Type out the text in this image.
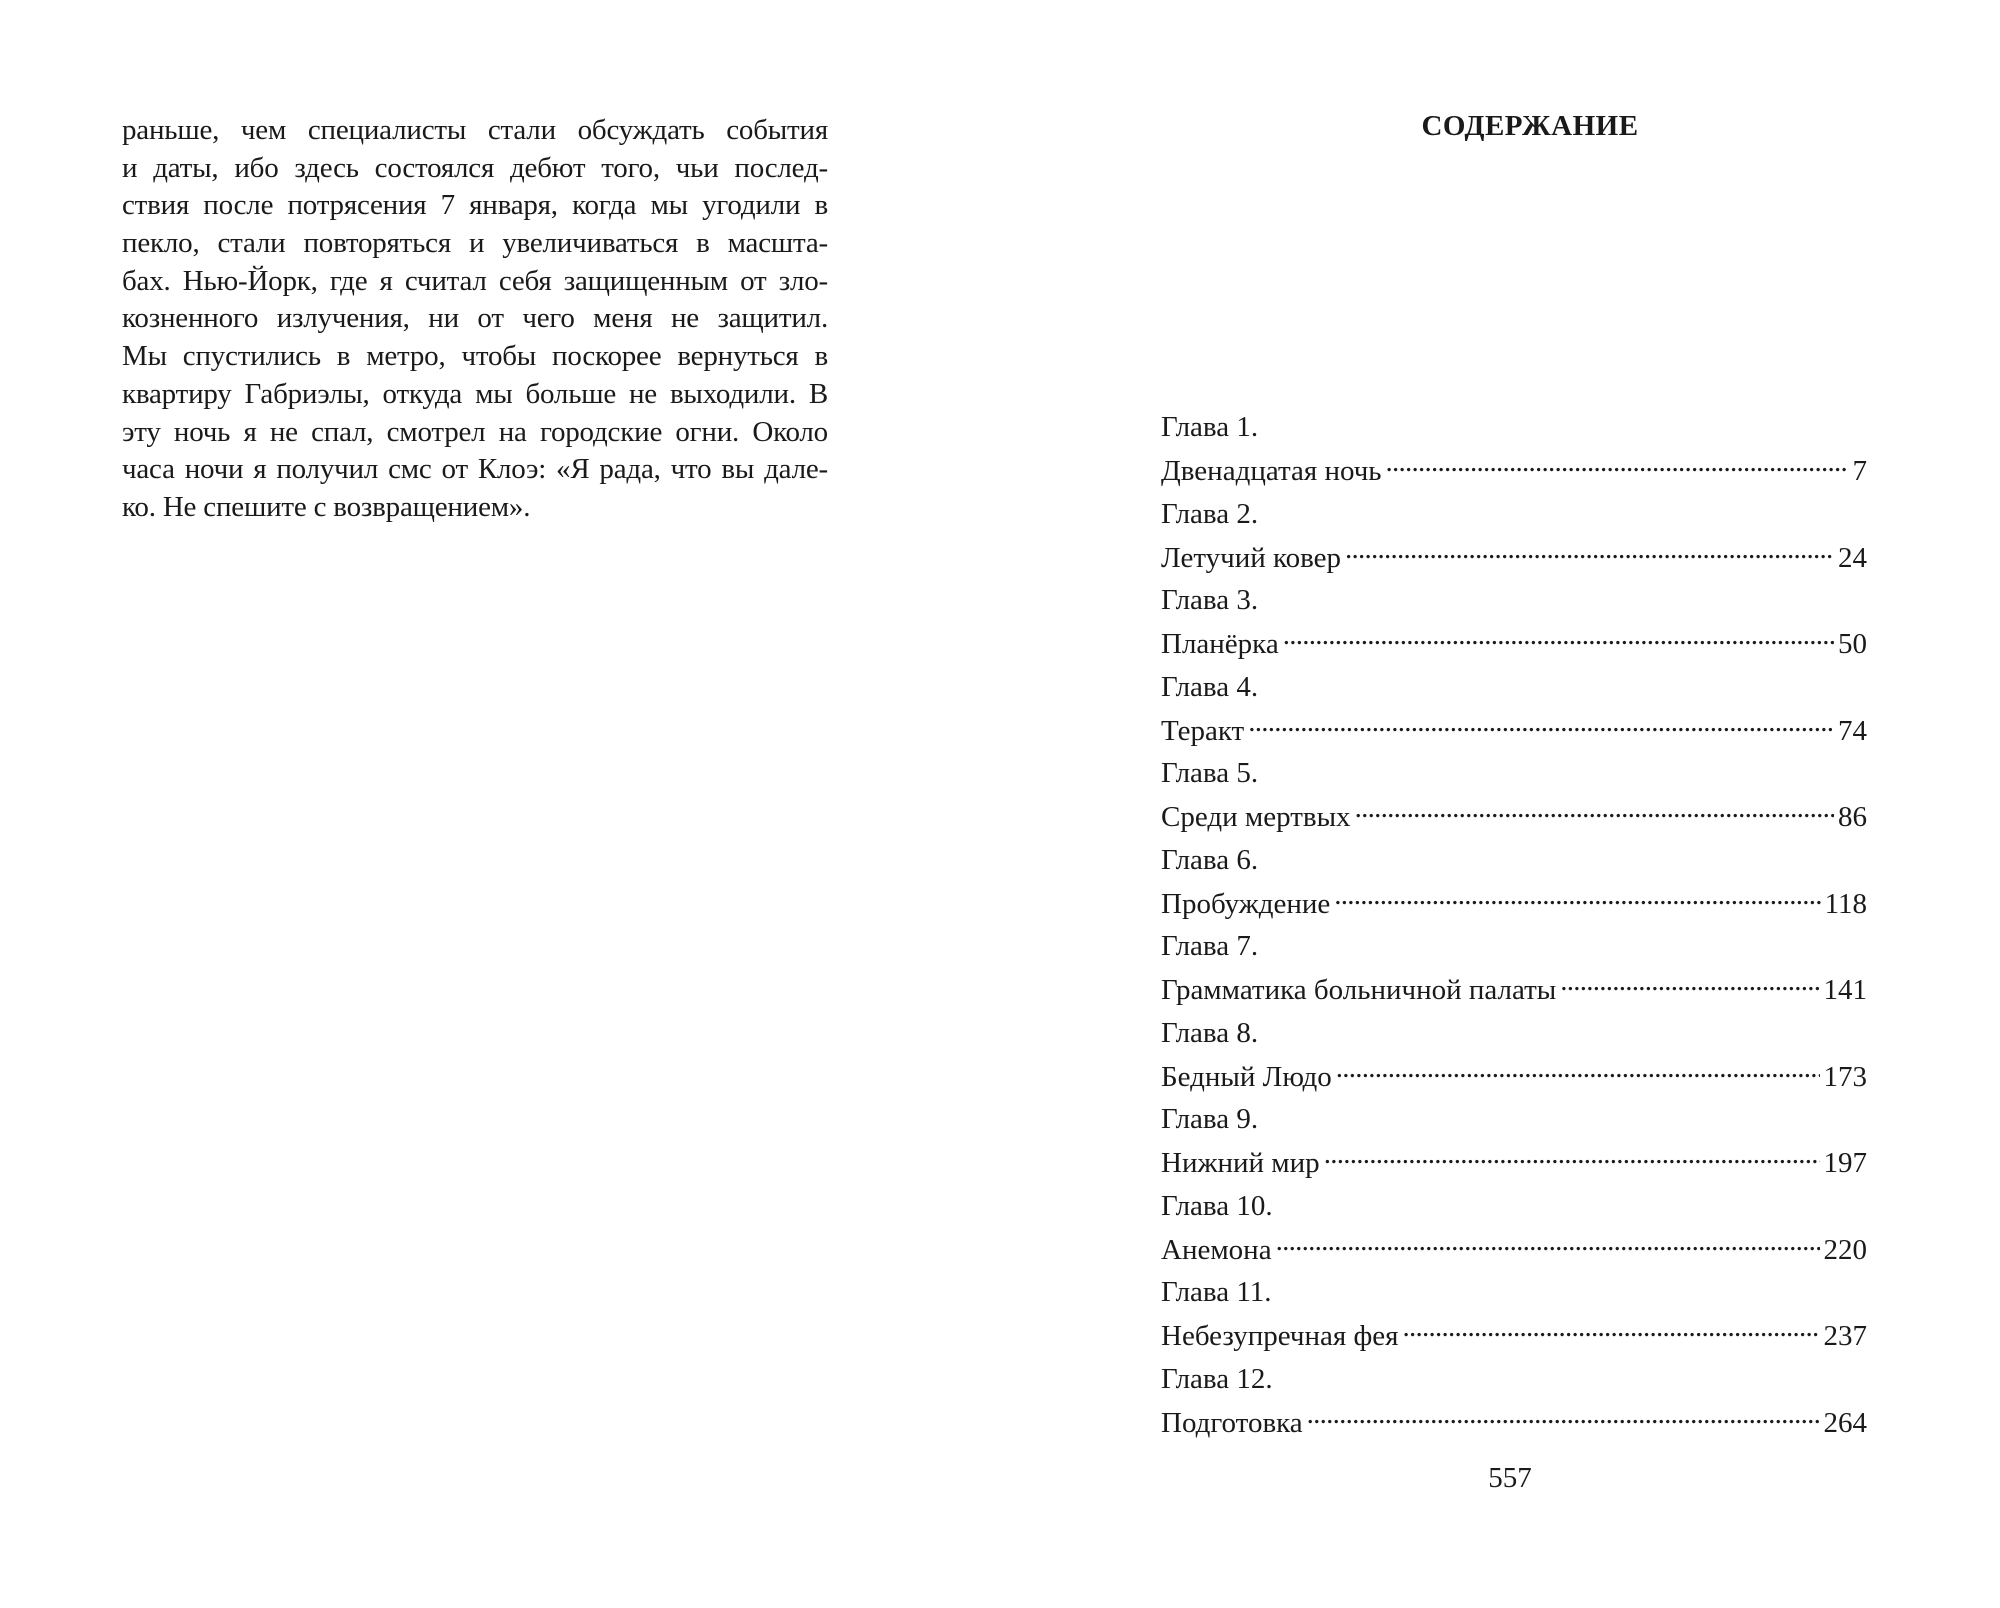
раньше, чем специалисты стали обсуждать события
и даты, ибо здесь состоялся дебют того, чьи послед-
ствия после потрясения 7 января, когда мы угодили в
пекло, стали повторяться и увеличиваться в масшта-
бах. Нью-Йорк, где я считал себя защищенным от зло-
козненного излучения, ни от чего меня не защитил.
Мы спустились в метро, чтобы поскорее вернуться в
квартиру Габриэлы, откуда мы больше не выходили. В
эту ночь я не спал, смотрел на городские огни. Около
часа ночи я получил смс от Клоэ: «Я рада, что вы дале-
ко. Не спешите с возвращением».
СОДЕРЖАНИЕ
Глава 1.
Двенадцатая ночь . . .	7
Глава 2.
Летучий ковер . . .	24
Глава 3.
Планёрка . . .	50
Глава 4.
Теракт . . .	74
Глава 5.
Среди мертвых . . .	86
Глава 6.
Пробуждение . . .	118
Глава 7.
Грамматика больничной палаты . . .	141
Глава 8.
Бедный Людо . . .	173
Глава 9.
Нижний мир . . .	197
Глава 10.
Анемона . . .	220
Глава 11.
Небезупречная фея . . .	237
Глава 12.
Подготовка . . .	264
557
